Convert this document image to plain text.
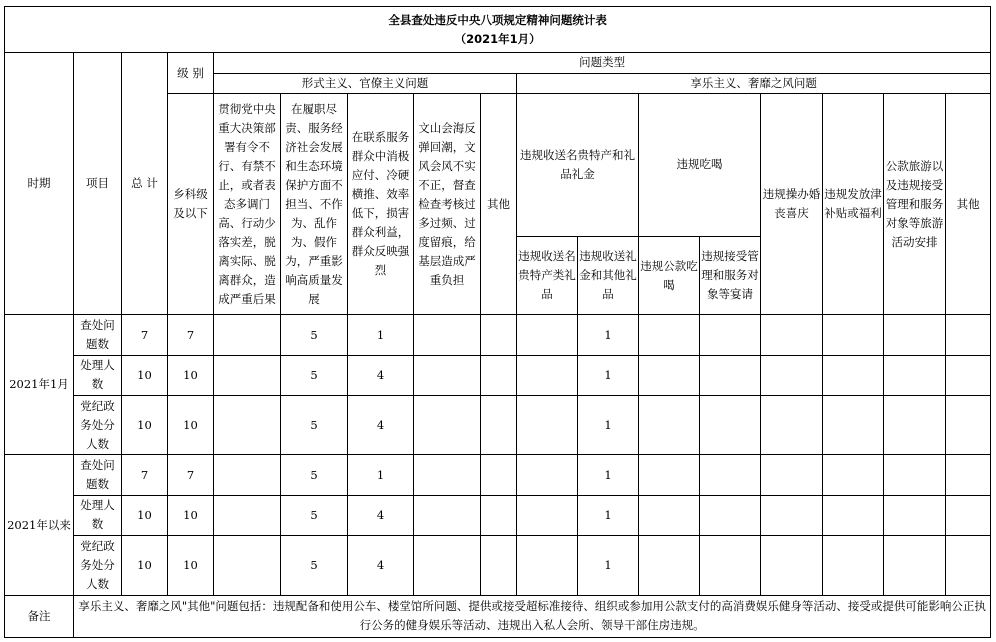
全县查处违反中央八项规定精神问题统计表
（2021年1月）																

时期	项目	总 计	级 别	问题类型												
				形式主义、官僚主义问题					享乐主义、奢靡之风问题							
			乡科级及以下	贯彻党中央重大决策部署有令不行、有禁不止，或者表态多调门高、行动少落实差，脱离实际、脱离群众，造成严重后果	在履职尽责、服务经济社会发展和生态环境保护方面不担当、不作为、乱作为、假作为，严重影响高质量发展	在联系服务群众中消极应付、冷硬横推、效率低下，损害群众利益，群众反映强烈	文山会海反弹回潮，文风会风不实不正，督查检查考核过多过频、过度留痕，给基层造成严重负担	其他	违规收送名贵特产和礼品礼金		违规吃喝		违规操办婚丧喜庆	违规发放津补贴或福利	公款旅游以及违规接受管理和服务对象等旅游活动安排	其他

									违规收送名贵特产类礼品	违规收送礼金和其他礼品	违规公款吃喝	违规接受管理和服务对象等宴请				
2021年1月	查处问题数	7	7		5	1				1						
	处理人数	10	10		5	4				1						
	党纪政务处分人数	10	10		5	4				1						
2021年以来	查处问题数	7	7		5	1				1						
	处理人数	10	10		5	4				1						
	党纪政务处分人数	10	10		5	4				1						
备注	享乐主义、奢靡之风"其他"问题包括：违规配备和使用公车、楼堂馆所问题、提供或接受超标准接待、组织或参加用公款支付的高消费娱乐健身等活动、接受或提供可能影响公正执行公务的健身娱乐等活动、违规出入私人会所、领导干部住房违规。															
